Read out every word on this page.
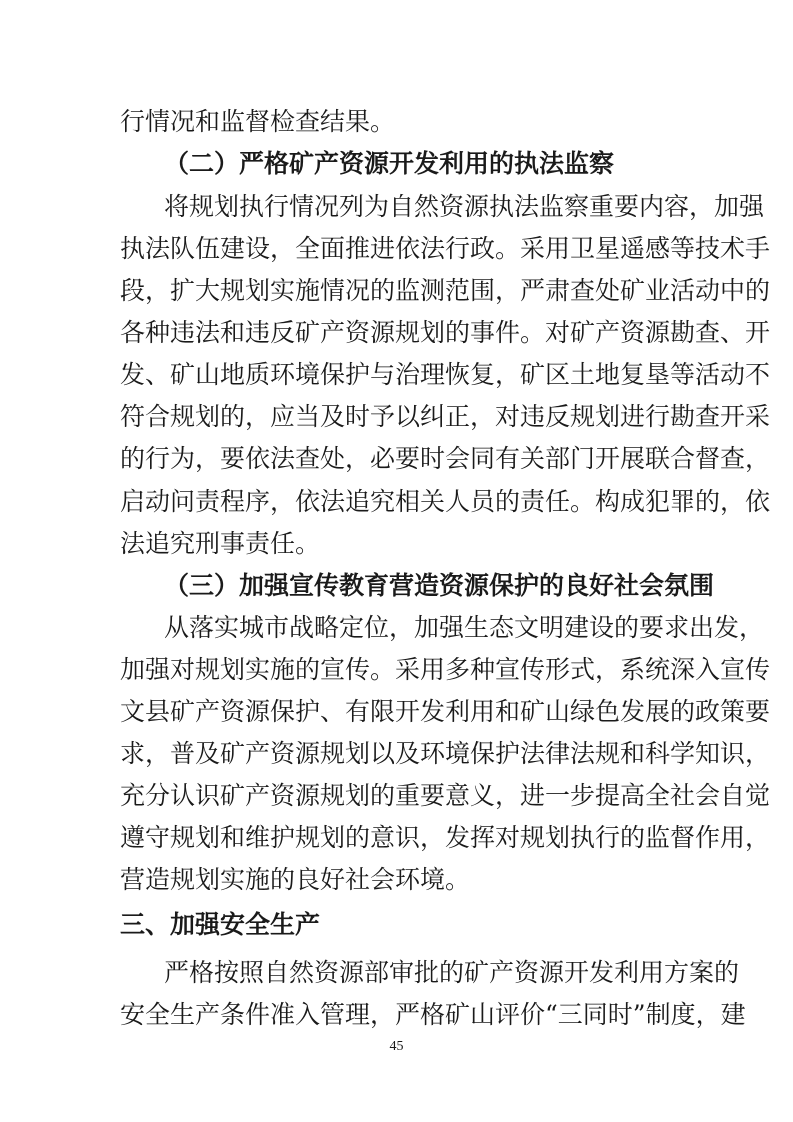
行情况和监督检查结果。
（二）严格矿产资源开发利用的执法监察
将规划执行情况列为自然资源执法监察重要内容，加强
执法队伍建设，全面推进依法行政。采用卫星遥感等技术手
段，扩大规划实施情况的监测范围，严肃查处矿业活动中的
各种违法和违反矿产资源规划的事件。对矿产资源勘查、开
发、矿山地质环境保护与治理恢复，矿区土地复垦等活动不
符合规划的，应当及时予以纠正，对违反规划进行勘查开采
的行为，要依法查处，必要时会同有关部门开展联合督查，
启动问责程序，依法追究相关人员的责任。构成犯罪的，依
法追究刑事责任。
（三）加强宣传教育营造资源保护的良好社会氛围
从落实城市战略定位，加强生态文明建设的要求出发，
加强对规划实施的宣传。采用多种宣传形式，系统深入宣传
文县矿产资源保护、有限开发利用和矿山绿色发展的政策要
求，普及矿产资源规划以及环境保护法律法规和科学知识，
充分认识矿产资源规划的重要意义，进一步提高全社会自觉
遵守规划和维护规划的意识，发挥对规划执行的监督作用，
营造规划实施的良好社会环境。
三、加强安全生产
严格按照自然资源部审批的矿产资源开发利用方案的
安全生产条件准入管理，严格矿山评价“三同时”制度，建
45
